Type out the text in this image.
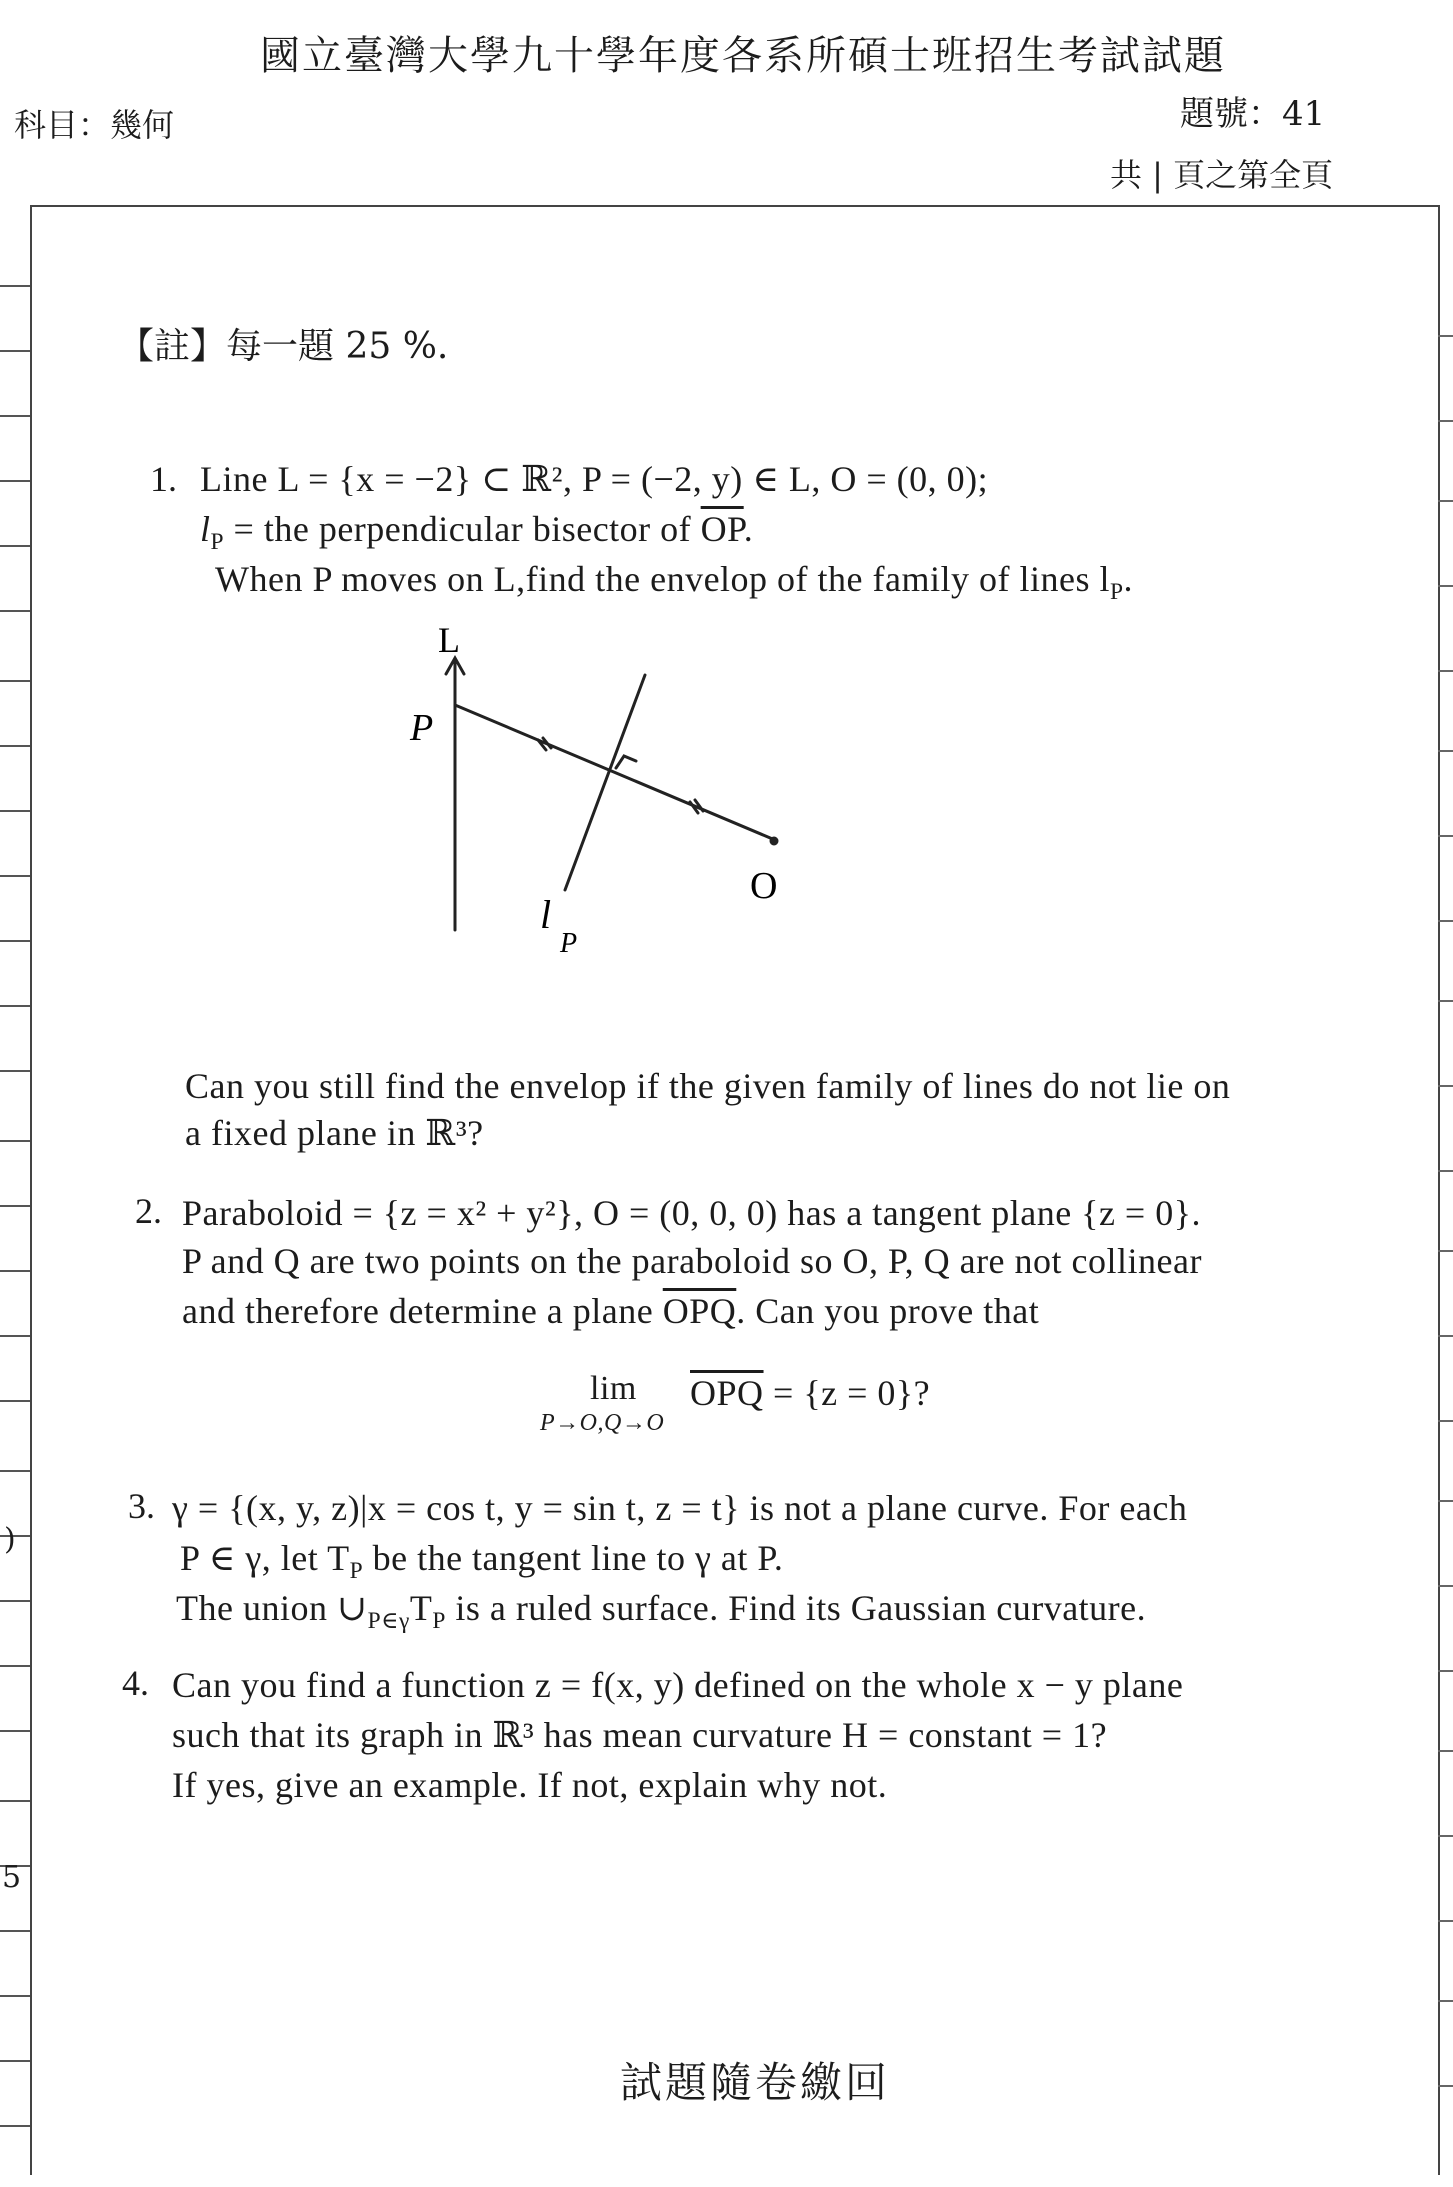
國立臺灣大學九十學年度各系所碩士班招生考試試題
科目：幾何	題號：41
共 | 頁之第全頁
)
5
【註】每一題 25 %.
1. Line L = {x = −2} ⊂ ℝ², P = (−2, y) ∈ L, O = (0, 0);
$l_P$ = the perpendicular bisector of $\overline{OP}$.
When P moves on L,find the envelop of the family of lines $l_P$.
L
P
O
l
P
Can you still find the envelop if the given family of lines do not lie on
a fixed plane in ℝ³?
2. Paraboloid = {z = x² + y²}, O = (0, 0, 0) has a tangent plane {z = 0}.
P and Q are two points on the paraboloid so O, P, Q are not collinear
and therefore determine a plane $\overline{OPQ}$. Can you prove that
lim
P→O,Q→O
$\overline{OPQ} = \{z = 0\}$?
3. γ = {(x, y, z)|x = cos t, y = sin t, z = t} is not a plane curve. For each
P ∈ γ, let $T_P$ be the tangent line to γ at P.
The union $\cup_{P\in\gamma}T_P$ is a ruled surface. Find its Gaussian curvature.
4. Can you find a function z = f(x, y) defined on the whole x − y plane
such that its graph in ℝ³ has mean curvature H = constant = 1?
If yes, give an example. If not, explain why not.
試題隨卷繳回
